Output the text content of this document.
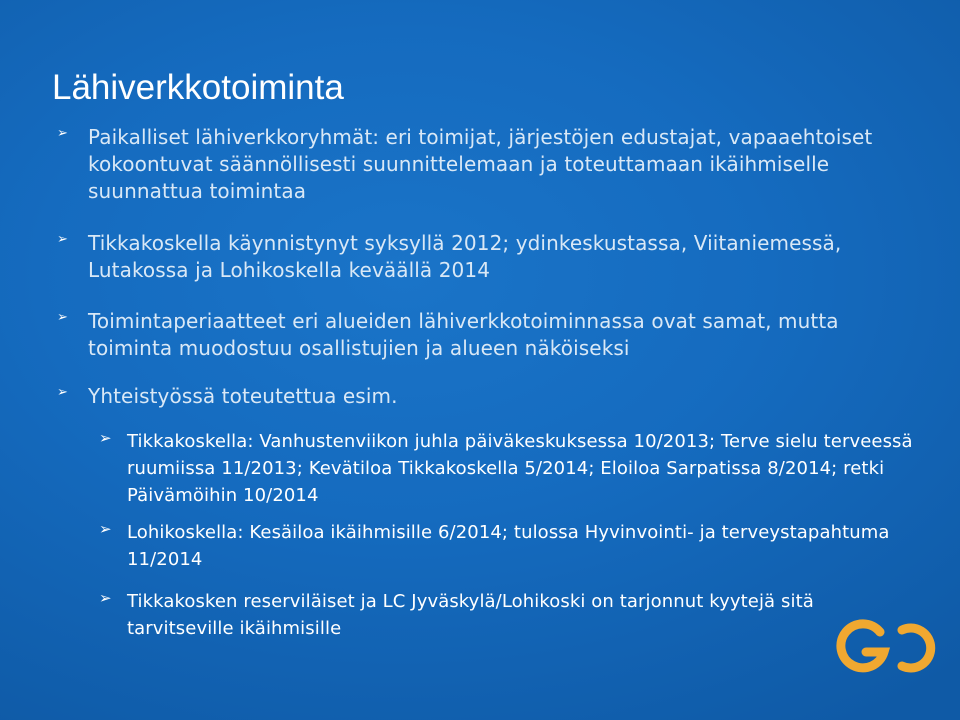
Lähiverkkotoiminta
➢ Paikalliset lähiverkkoryhmät: eri toimijat, järjestöjen edustajat, vapaaehtoiset kokoontuvat säännöllisesti suunnittelemaan ja toteuttamaan ikäihmiselle suunnattua toimintaa
➢ Tikkakoskella käynnistynyt syksyllä 2012; ydinkeskustassa, Viitaniemessä, Lutakossa ja Lohikoskella keväällä 2014
➢ Toimintaperiaatteet eri alueiden lähiverkkotoiminnassa ovat samat, mutta toiminta muodostuu osallistujien ja alueen näköiseksi
➢ Yhteistyössä toteutettua esim.
➢ Tikkakoskella: Vanhustenviikon juhla päiväkeskuksessa 10/2013; Terve sielu terveessä ruumiissa 11/2013; Kevätiloa Tikkakoskella 5/2014; Eloiloa Sarpatissa 8/2014; retki Päivämöihin 10/2014
➢ Lohikoskella: Kesäiloa ikäihmisille 6/2014; tulossa Hyvinvointi- ja terveystapahtuma 11/2014
➢ Tikkakosken reserviläiset ja LC Jyväskylä/Lohikoski on tarjonnut kyytejä sitä tarvitseville ikäihmisille
